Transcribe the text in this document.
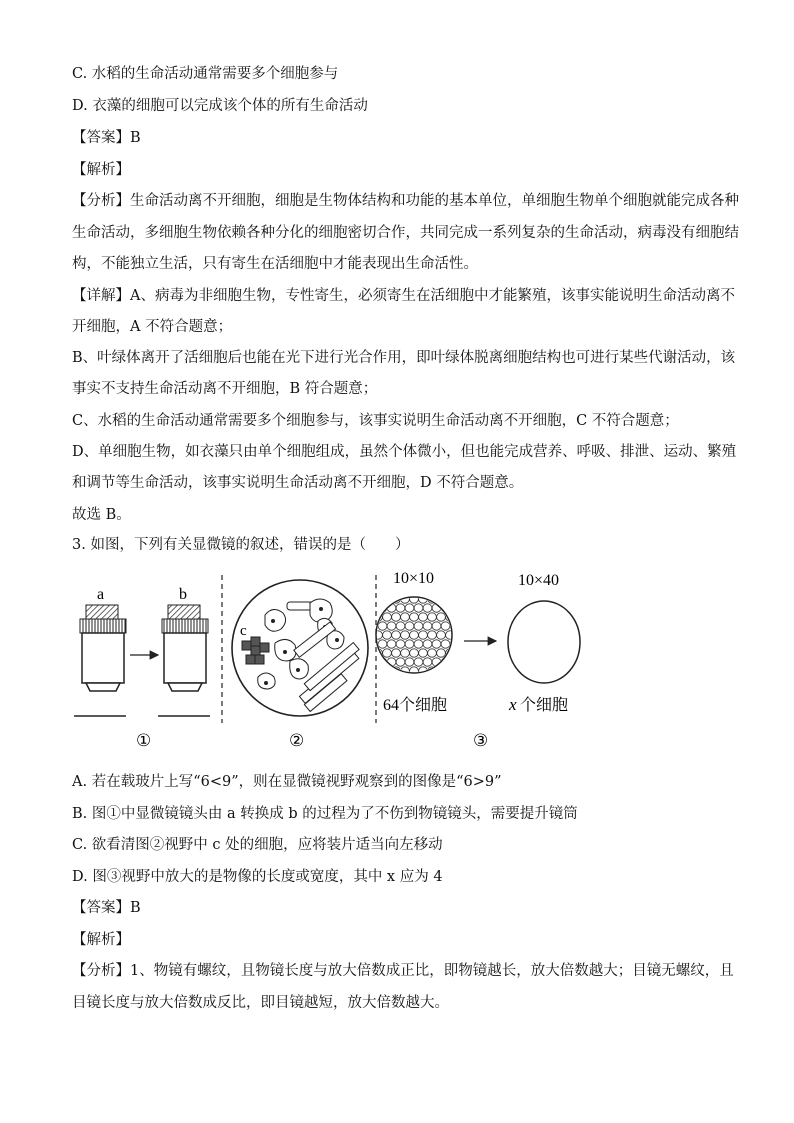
C. 水稻的生命活动通常需要多个细胞参与
D. 衣藻的细胞可以完成该个体的所有生命活动
【答案】B
【解析】
【分析】生命活动离不开细胞，细胞是生物体结构和功能的基本单位，单细胞生物单个细胞就能完成各种
生命活动，多细胞生物依赖各种分化的细胞密切合作，共同完成一系列复杂的生命活动，病毒没有细胞结
构，不能独立生活，只有寄生在活细胞中才能表现出生命活性。
【详解】A、病毒为非细胞生物，专性寄生，必须寄生在活细胞中才能繁殖，该事实能说明生命活动离不
开细胞，A 不符合题意；
B、叶绿体离开了活细胞后也能在光下进行光合作用，即叶绿体脱离细胞结构也可进行某些代谢活动，该
事实不支持生命活动离不开细胞，B 符合题意；
C、水稻的生命活动通常需要多个细胞参与，该事实说明生命活动离不开细胞，C 不符合题意；
D、单细胞生物，如衣藻只由单个细胞组成，虽然个体微小，但也能完成营养、呼吸、排泄、运动、繁殖
和调节等生命活动，该事实说明生命活动离不开细胞，D 不符合题意。
故选 B。
3. 如图，下列有关显微镜的叙述，错误的是（　　）
a	b
①
c
②
10×10	10×40
64个细胞	x 个细胞
③
A. 若在载玻片上写“6<9”，则在显微镜视野观察到的图像是“6>9”
B. 图①中显微镜镜头由 a 转换成 b 的过程为了不伤到物镜镜头，需要提升镜筒
C. 欲看清图②视野中 c 处的细胞，应将装片适当向左移动
D. 图③视野中放大的是物像的长度或宽度，其中 x 应为 4
【答案】B
【解析】
【分析】1、物镜有螺纹，且物镜长度与放大倍数成正比，即物镜越长，放大倍数越大；目镜无螺纹，且
目镜长度与放大倍数成反比，即目镜越短，放大倍数越大。
